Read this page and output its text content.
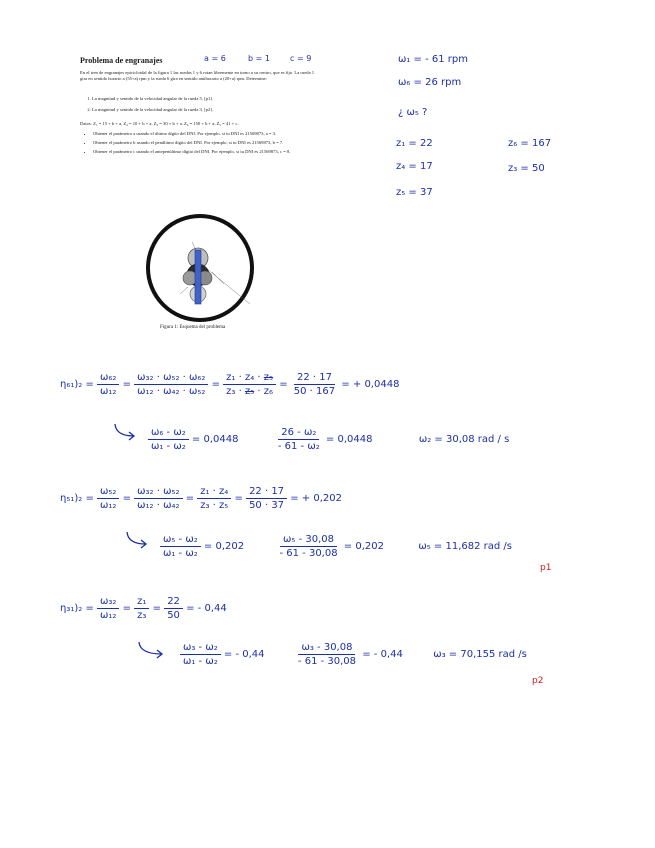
Problema de engranajes
En el tren de engranajes epicicloidal de la figura 1 las ruedas 1 y 6 rotan libremente en torno a su centro, que es fijo. La rueda 1 gira en sentido horario a (55+a) rpm y la rueda 6 gira en sentido antihorario a (20+a) rpm. Determine:
1. La magnitud y sentido de la velocidad angular de la rueda 5, [p1].
2. La magnitud y sentido de la velocidad angular de la rueda 3, [p2].
Datos: Z₁ = 15 + b + a, Z₄ = 10 + b + a, Z₃ = 30 + b + a, Z₆ = 150 + b + a, Z₅ = 41 + c.
• Obtener el parámetro a usando el último dígito del DNI. Por ejemplo, si tu DNI es 21569873, a = 3.
• Obtener el parámetro b usando el penúltimo dígito del DNI. Por ejemplo, si tu DNI es 21569873, b = 7.
• Obtener el parámetro c usando el antepenúltimo dígito del DNI. Por ejemplo, si tu DNI es 21569873, c = 8.
Figura 1: Esquema del problema
a = 6	b = 1	c = 9	ω₁ = - 61 rpm
ω₆ = 26 rpm
¿ ω₅ ?
z₁ = 22
z₄ = 17
z₅ = 37
z₆ = 167
z₃ = 50
$\eta_{61})_2 = \frac{\text{ω₆₂}}{\text{ω₁₂}} = \frac{\text{ω₃₂ · ω₅₂ · ω₆₂}}{\text{ω₁₂ · ω₄₂ · ω₅₂}} = \frac{\text{z₁ · z₄ · z₅}}{\text{z₃ · z₅ · z₆}} = \frac{22 \cdot 17}{50 \cdot 167}$ = + 0,0448
$\frac{\text{ω₆ - ω₂}}{\text{ω₁ - ω₂}} = 0,0448$	$\frac{\text{26 - ω₂}}{\text{- 61 - ω₂}} = 0,0448$	ω₂ = 30,08 rad / s
$\eta_{51})_2 = \frac{\text{ω₅₂}}{\text{ω₁₂}} = \frac{\text{ω₃₂ · ω₅₂}}{\text{ω₁₂ · ω₄₂}} = \frac{\text{z₁ · z₄}}{\text{z₃ · z₅}} = \frac{22 \cdot 17}{50 \cdot 37}$ = + 0,202
$\frac{\text{ω₅ - ω₂}}{\text{ω₁ - ω₂}} = 0,202$	$\frac{\text{ω₅ - 30,08}}{- 61 - 30,08} = 0,202$	ω₅ = 11,682 rad /s
p1
$\eta_{31})_2 = \frac{\text{ω₃₂}}{\text{ω₁₂}} = \frac{\text{z₁}}{\text{z₃}} = \frac{22}{50}$ = - 0,44
$\frac{\text{ω₃ - ω₂}}{\text{ω₁ - ω₂}}$ = - 0,44	$\frac{\text{ω₃ - 30,08}}{- 61 - 30,08}$ = - 0,44	ω₃ = 70,155 rad /s
p2
